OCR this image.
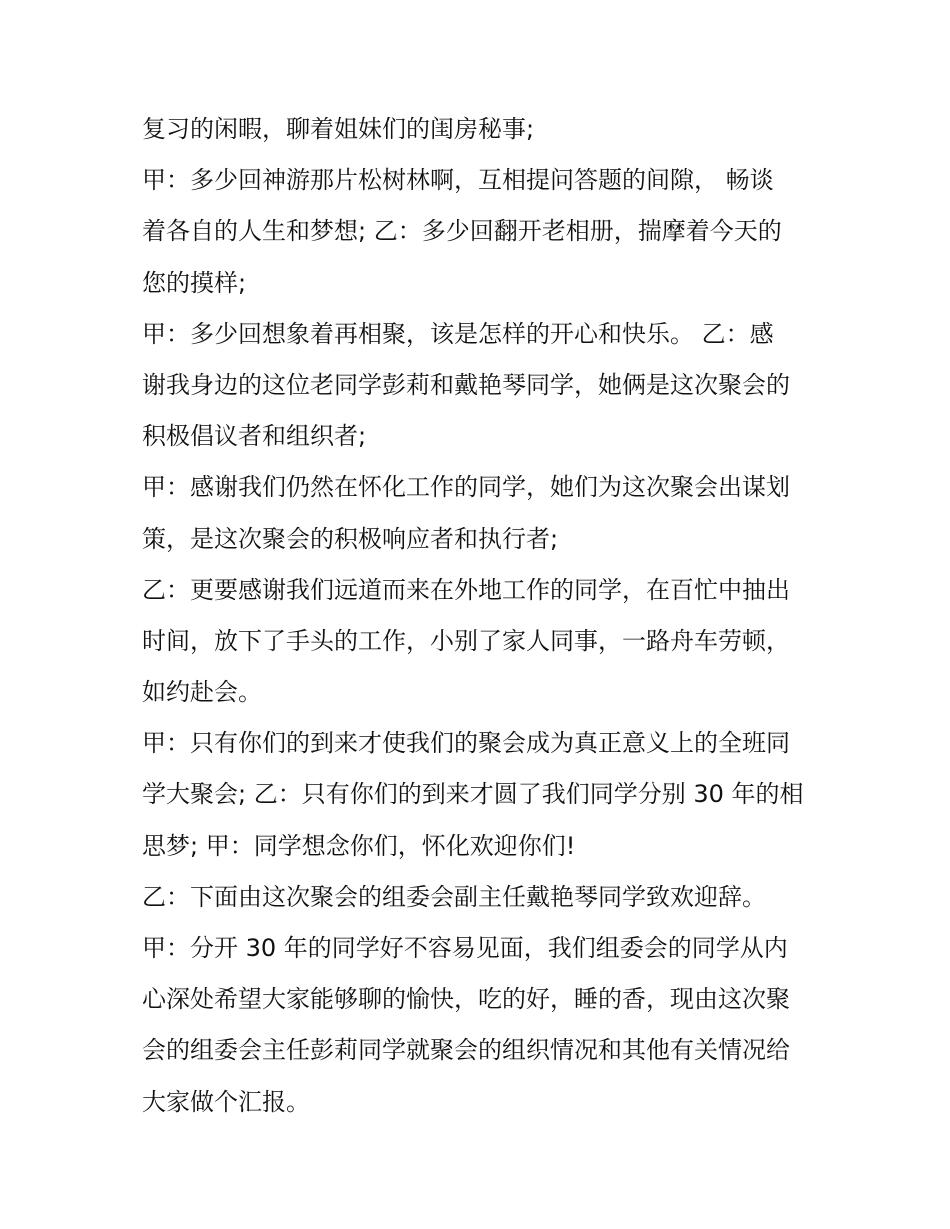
复习的闲暇，聊着姐妹们的闺房秘事;
甲：多少回神游那片松树林啊，互相提问答题的间隙， 畅谈
着各自的人生和梦想; 乙：多少回翻开老相册，揣摩着今天的
您的摸样;
甲：多少回想象着再相聚，该是怎样的开心和快乐。 乙：感
谢我身边的这位老同学彭莉和戴艳琴同学，她俩是这次聚会的
积极倡议者和组织者;
甲：感谢我们仍然在怀化工作的同学，她们为这次聚会出谋划
策，是这次聚会的积极响应者和执行者;
乙：更要感谢我们远道而来在外地工作的同学，在百忙中抽出
时间，放下了手头的工作，小别了家人同事，一路舟车劳顿，
如约赴会。
甲：只有你们的到来才使我们的聚会成为真正意义上的全班同
学大聚会; 乙：只有你们的到来才圆了我们同学分别 30 年的相
思梦; 甲：同学想念你们，怀化欢迎你们!
乙：下面由这次聚会的组委会副主任戴艳琴同学致欢迎辞。
甲：分开 30 年的同学好不容易见面，我们组委会的同学从内
心深处希望大家能够聊的愉快，吃的好，睡的香，现由这次聚
会的组委会主任彭莉同学就聚会的组织情况和其他有关情况给
大家做个汇报。
